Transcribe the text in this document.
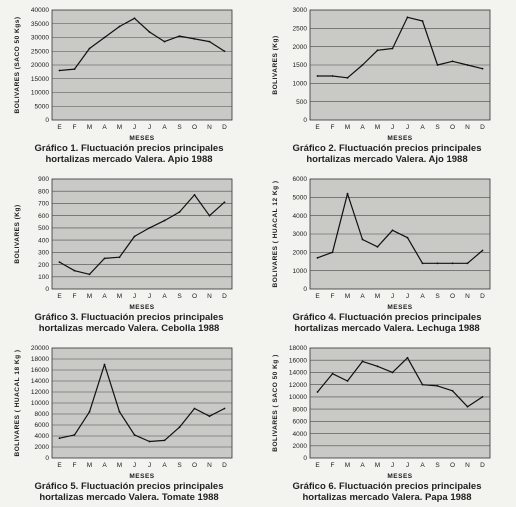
0
5000
10000
15000
20000
25000
30000
35000
40000
E F M A M J J A S O N D
MESES
BOLIVARES (SACO 50 Kgs)
Gráfico 1. Fluctuación precios principales
hortalizas mercado Valera. Apio 1988
0
500
1000
1500
2000
2500
3000
E F M A M J J A S O N D
MESES
BOLIVARES (Kg)
Gráfico 2. Fluctuación precios principales
hortalizas mercado Valera. Ajo 1988
0
100
200
300
400
500
600
700
800
900
E F M A M J J A S O N D
MESES
BOLIVARES (Kg)
Gráfico 3. Fluctuación precios principales
hortalizas mercado Valera. Cebolla 1988
0
1000
2000
3000
4000
5000
6000
E F M A M J J A S O N D
MESES
BOLIVARES ( HUACAL 12 Kg )
Gráfico 4. Fluctuación precios principales
hortalizas mercado Valera. Lechuga 1988
0
2000
4000
6000
8000
10000
12000
14000
16000
18000
20000
E F M A M J J A S O N D
MESES
BOLIVARES ( HUACAL 18 Kg )
Gráfico 5. Fluctuación precios principales
hortalizas mercado Valera. Tomate 1988
0
2000
4000
6000
8000
10000
12000
14000
16000
18000
E F M A M J J A S O N D
MESES
BOLIVARES ( SACO 50 Kg )
Gráfico 6. Fluctuación precios principales
hortalizas mercado Valera. Papa 1988
